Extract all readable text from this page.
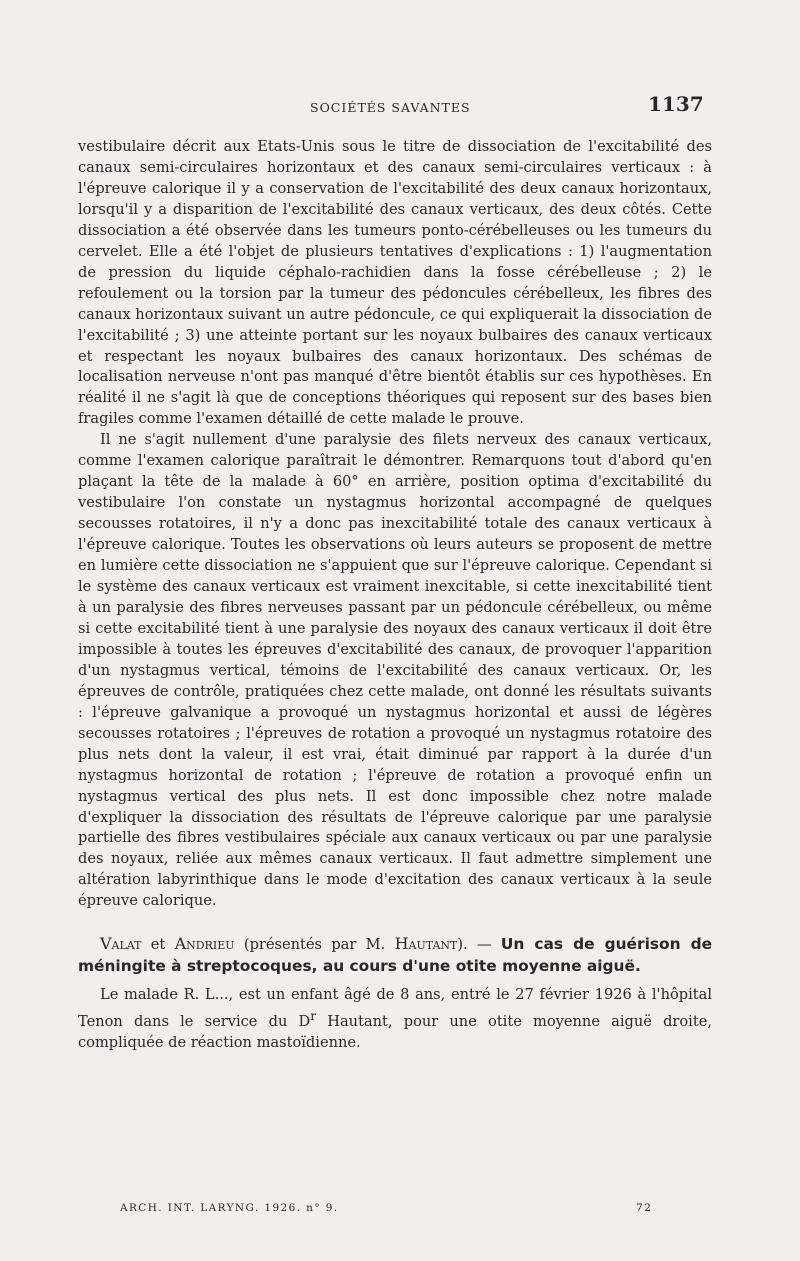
SOCIÉTÉS SAVANTES	1137

vestibulaire décrit aux Etats-Unis sous le titre de dissociation de l'excitabilité des canaux semi-circulaires horizontaux et des canaux semi-circulaires verticaux : à l'épreuve calorique il y a conservation de l'excitabilité des deux canaux horizontaux, lorsqu'il y a disparition de l'excitabilité des canaux verticaux, des deux côtés. Cette dissociation a été observée dans les tumeurs ponto-cérébelleuses ou les tumeurs du cervelet. Elle a été l'objet de plusieurs tentatives d'explications : 1) l'augmentation de pression du liquide céphalo-rachidien dans la fosse cérébelleuse ; 2) le refoulement ou la torsion par la tumeur des pédoncules cérébelleux, les fibres des canaux horizontaux suivant un autre pédoncule, ce qui expliquerait la dissociation de l'excitabilité ; 3) une atteinte portant sur les noyaux bulbaires des canaux verticaux et respectant les noyaux bulbaires des canaux horizontaux. Des schémas de localisation nerveuse n'ont pas manqué d'être bientôt établis sur ces hypothèses. En réalité il ne s'agit là que de conceptions théoriques qui reposent sur des bases bien fragiles comme l'examen détaillé de cette malade le prouve.

Il ne s'agit nullement d'une paralysie des filets nerveux des canaux verticaux, comme l'examen calorique paraîtrait le démontrer. Remarquons tout d'abord qu'en plaçant la tête de la malade à 60° en arrière, position optima d'excitabilité du vestibulaire l'on constate un nystagmus horizontal accompagné de quelques secousses rotatoires, il n'y a donc pas inexcitabilité totale des canaux verticaux à l'épreuve calorique. Toutes les observations où leurs auteurs se proposent de mettre en lumière cette dissociation ne s'appuient que sur l'épreuve calorique. Cependant si le système des canaux verticaux est vraiment inexcitable, si cette inexcitabilité tient à un paralysie des fibres nerveuses passant par un pédoncule cérébelleux, ou même si cette excitabilité tient à une paralysie des noyaux des canaux verticaux il doit être impossible à toutes les épreuves d'excitabilité des canaux, de provoquer l'apparition d'un nystagmus vertical, témoins de l'excitabilité des canaux verticaux. Or, les épreuves de contrôle, pratiquées chez cette malade, ont donné les résultats suivants : l'épreuve galvanique a provoqué un nystagmus horizontal et aussi de légères secousses rotatoires ; l'épreuves de rotation a provoqué un nystagmus rotatoire des plus nets dont la valeur, il est vrai, était diminué par rapport à la durée d'un nystagmus horizontal de rotation ; l'épreuve de rotation a provoqué enfin un nystagmus vertical des plus nets. Il est donc impossible chez notre malade d'expliquer la dissociation des résultats de l'épreuve calorique par une paralysie partielle des fibres vestibulaires spéciale aux canaux verticaux ou par une paralysie des noyaux, reliée aux mêmes canaux verticaux. Il faut admettre simplement une altération labyrinthique dans le mode d'excitation des canaux verticaux à la seule épreuve calorique.

Valat et Andrieu (présentés par M. Hautant). — Un cas de guérison de méningite à streptocoques, au cours d'une otite moyenne aiguë.

Le malade R. L..., est un enfant âgé de 8 ans, entré le 27 février 1926 à l'hôpital Tenon dans le service du $D^r$ Hautant, pour une otite moyenne aiguë droite, compliquée de réaction mastoïdienne.

ARCH. INT. LARYNG. 1926. n° 9.	72
